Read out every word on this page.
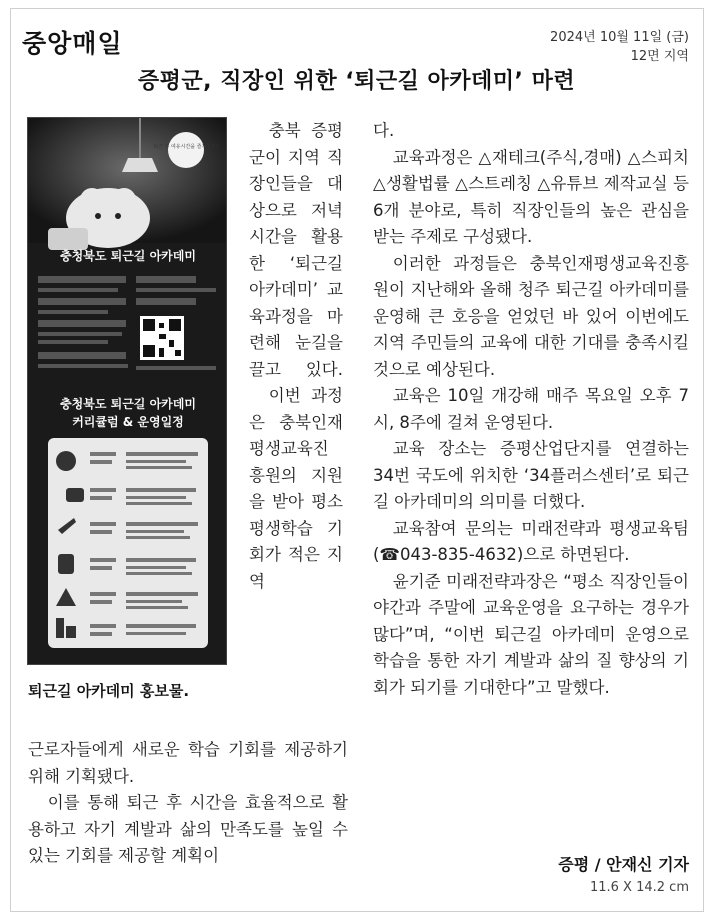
중앙매일	2024년 10월 11일 (금)
12면 지역
증평군, 직장인 위한 ‘퇴근길 아카데미’ 마련
퇴근 후 여유시간을 즐겨볼까?
충청북도 퇴근길 아카데미
충청북도 퇴근길 아카데미
커리큘럼 & 운영일정
퇴근길 아카데미 홍보물.

충북 증평군이 지역 직장인들을 대상으로 저녁시간을 활용한 ‘퇴근길 아카데미’ 교육과정을 마련해 눈길을 끌고 있다.

이번 과정은 충북인재평생교육진흥원의 지원을 받아 평소 평생학습 기회가 적은 지역

근로자들에게 새로운 학습 기회를 제공하기 위해 기획됐다.

이를 통해 퇴근 후 시간을 효율적으로 활용하고 자기 계발과 삶의 만족도를 높일 수 있는 기회를 제공할 계획이

다.

교육과정은 △재테크(주식,경매) △스피치 △생활법률 △스트레칭 △유튜브 제작교실 등 6개 분야로, 특히 직장인들의 높은 관심을 받는 주제로 구성됐다.

이러한 과정들은 충북인재평생교육진흥원이 지난해와 올해 청주 퇴근길 아카데미를 운영해 큰 호응을 얻었던 바 있어 이번에도 지역 주민들의 교육에 대한 기대를 충족시킬 것으로 예상된다.

교육은 10일 개강해 매주 목요일 오후 7시, 8주에 걸쳐 운영된다.

교육 장소는 증평산업단지를 연결하는 34번 국도에 위치한 ‘34플러스센터’로 퇴근길 아카데미의 의미를 더했다.

교육참여 문의는 미래전략과 평생교육팀(☎043-835-4632)으로 하면된다.

윤기준 미래전략과장은 “평소 직장인들이 야간과 주말에 교육운영을 요구하는 경우가 많다”며, “이번 퇴근길 아카데미 운영으로 학습을 통한 자기 계발과 삶의 질 향상의 기회가 되기를 기대한다”고 말했다.

증평 / 안재신 기자
11.6 X 14.2 cm
